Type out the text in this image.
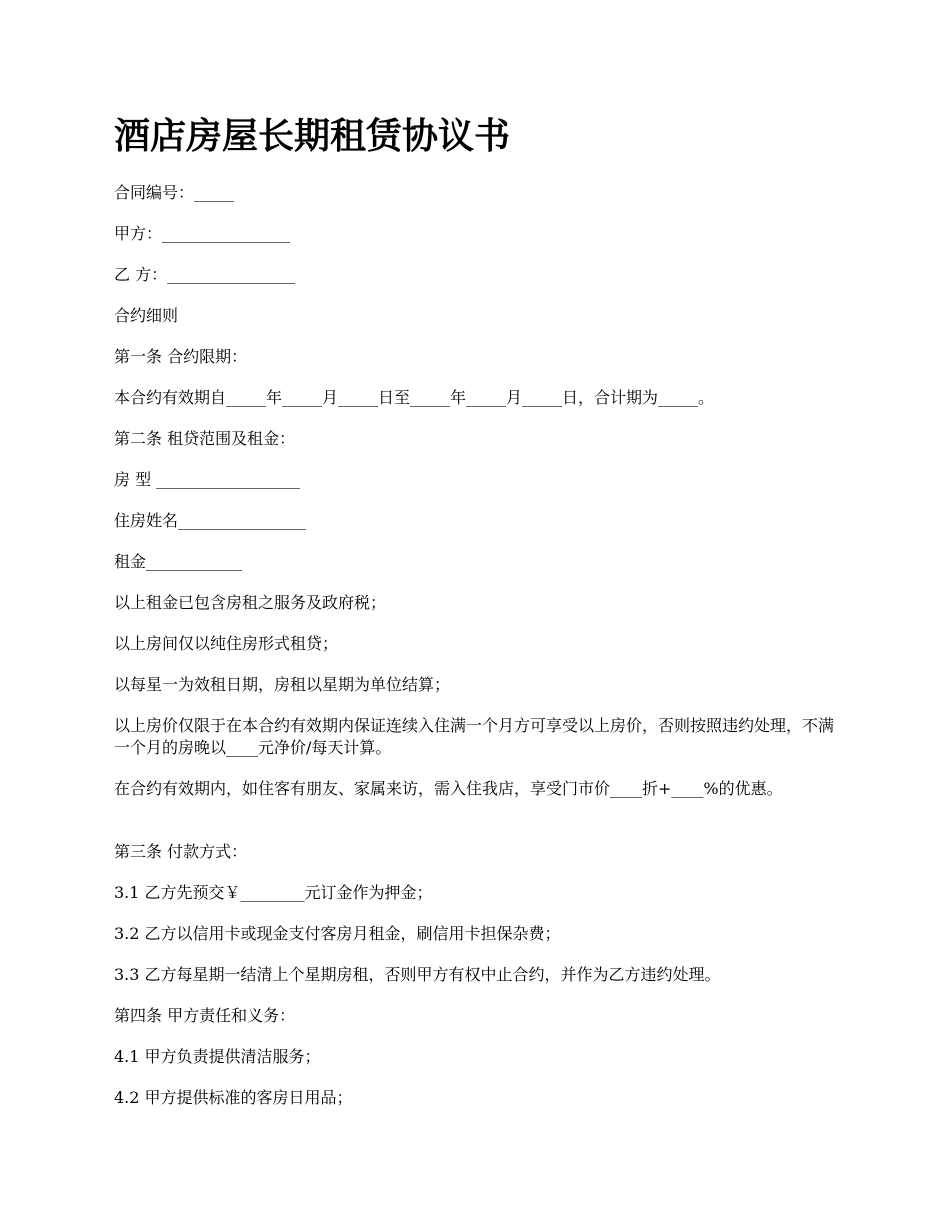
酒店房屋长期租赁协议书

合同编号：_____

甲方：________________

乙 方：________________

合约细则

第一条 合约限期：

本合约有效期自_____年_____月_____日至_____年_____月_____日，合计期为_____。

第二条 租贷范围及租金：

房 型 __________________

住房姓名________________

租金____________

以上租金已包含房租之服务及政府税；

以上房间仅以纯住房形式租贷；

以每星一为效租日期，房租以星期为单位结算；

以上房价仅限于在本合约有效期内保证连续入住满一个月方可享受以上房价，否则按照违约处理，不满一个月的房晚以____元净价/每天计算。

在合约有效期内，如住客有朋友、家属来访，需入住我店，享受门市价____折+____%的优惠。

第三条 付款方式：

3.1 乙方先预交￥________元订金作为押金；

3.2 乙方以信用卡或现金支付客房月租金，刷信用卡担保杂费；

3.3 乙方每星期一结清上个星期房租，否则甲方有权中止合约，并作为乙方违约处理。

第四条 甲方责任和义务：

4.1 甲方负责提供清洁服务；

4.2 甲方提供标准的客房日用品；
